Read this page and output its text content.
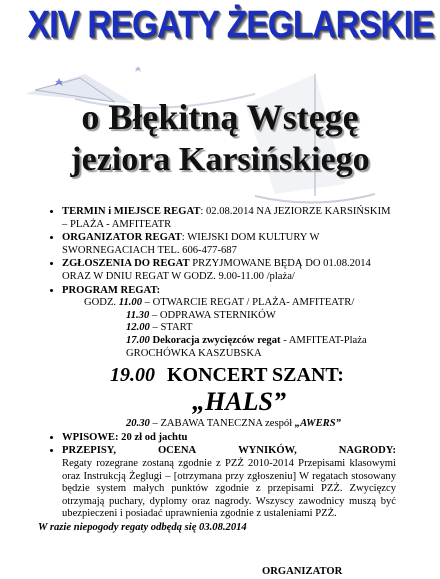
XIV REGATY ŻEGLARSKIE
o Błękitną Wstęgę
jeziora Karsińskiego
• TERMIN i MIEJSCE REGAT: 02.08.2014 NA JEZIORZE KARSIŃSKIM – PLAŻA - AMFITEATR
• ORGANIZATOR REGAT: WIEJSKI DOM KULTURY W SWORNEGACIACH TEL. 606-477-687
• ZGŁOSZENIA DO REGAT PRZYJMOWANE BĘDĄ DO 01.08.2014 ORAZ W DNIU REGAT W GODZ. 9.00-11.00 /plaża/
• PROGRAM REGAT:
GODZ. 11.00 – OTWARCIE REGAT / PLAŻA- AMFITEATR/
11.30 – ODPRAWA STERNIKÓW
12.00 – START
17.00 Dekoracja zwycięzców regat - AMFITEAT-Plaża GROCHÓWKA KASZUBSKA
19.00 KONCERT SZANT:
„HALS”
20.30 – ZABAWA TANECZNA zespół „AWERS”
• WPISOWE: 20 zł od jachtu
• PRZEPISY,	OCENA	WYNIKÓW,	NAGRODY:
Regaty rozegrane zostaną zgodnie z PZŻ 2010-2014 Przepisami klasowymi oraz Instrukcją Żeglugi – [otrzymana przy zgłoszeniu] W regatach stosowany będzie system małych punktów zgodnie z przepisami PZŻ. Zwycięzcy otrzymają puchary, dyplomy oraz nagrody. Wszyscy zawodnicy muszą być ubezpieczeni i posiadać uprawnienia zgodnie z ustaleniami PZŻ.
W razie niepogody regaty odbędą się 03.08.2014
ORGANIZATOR
